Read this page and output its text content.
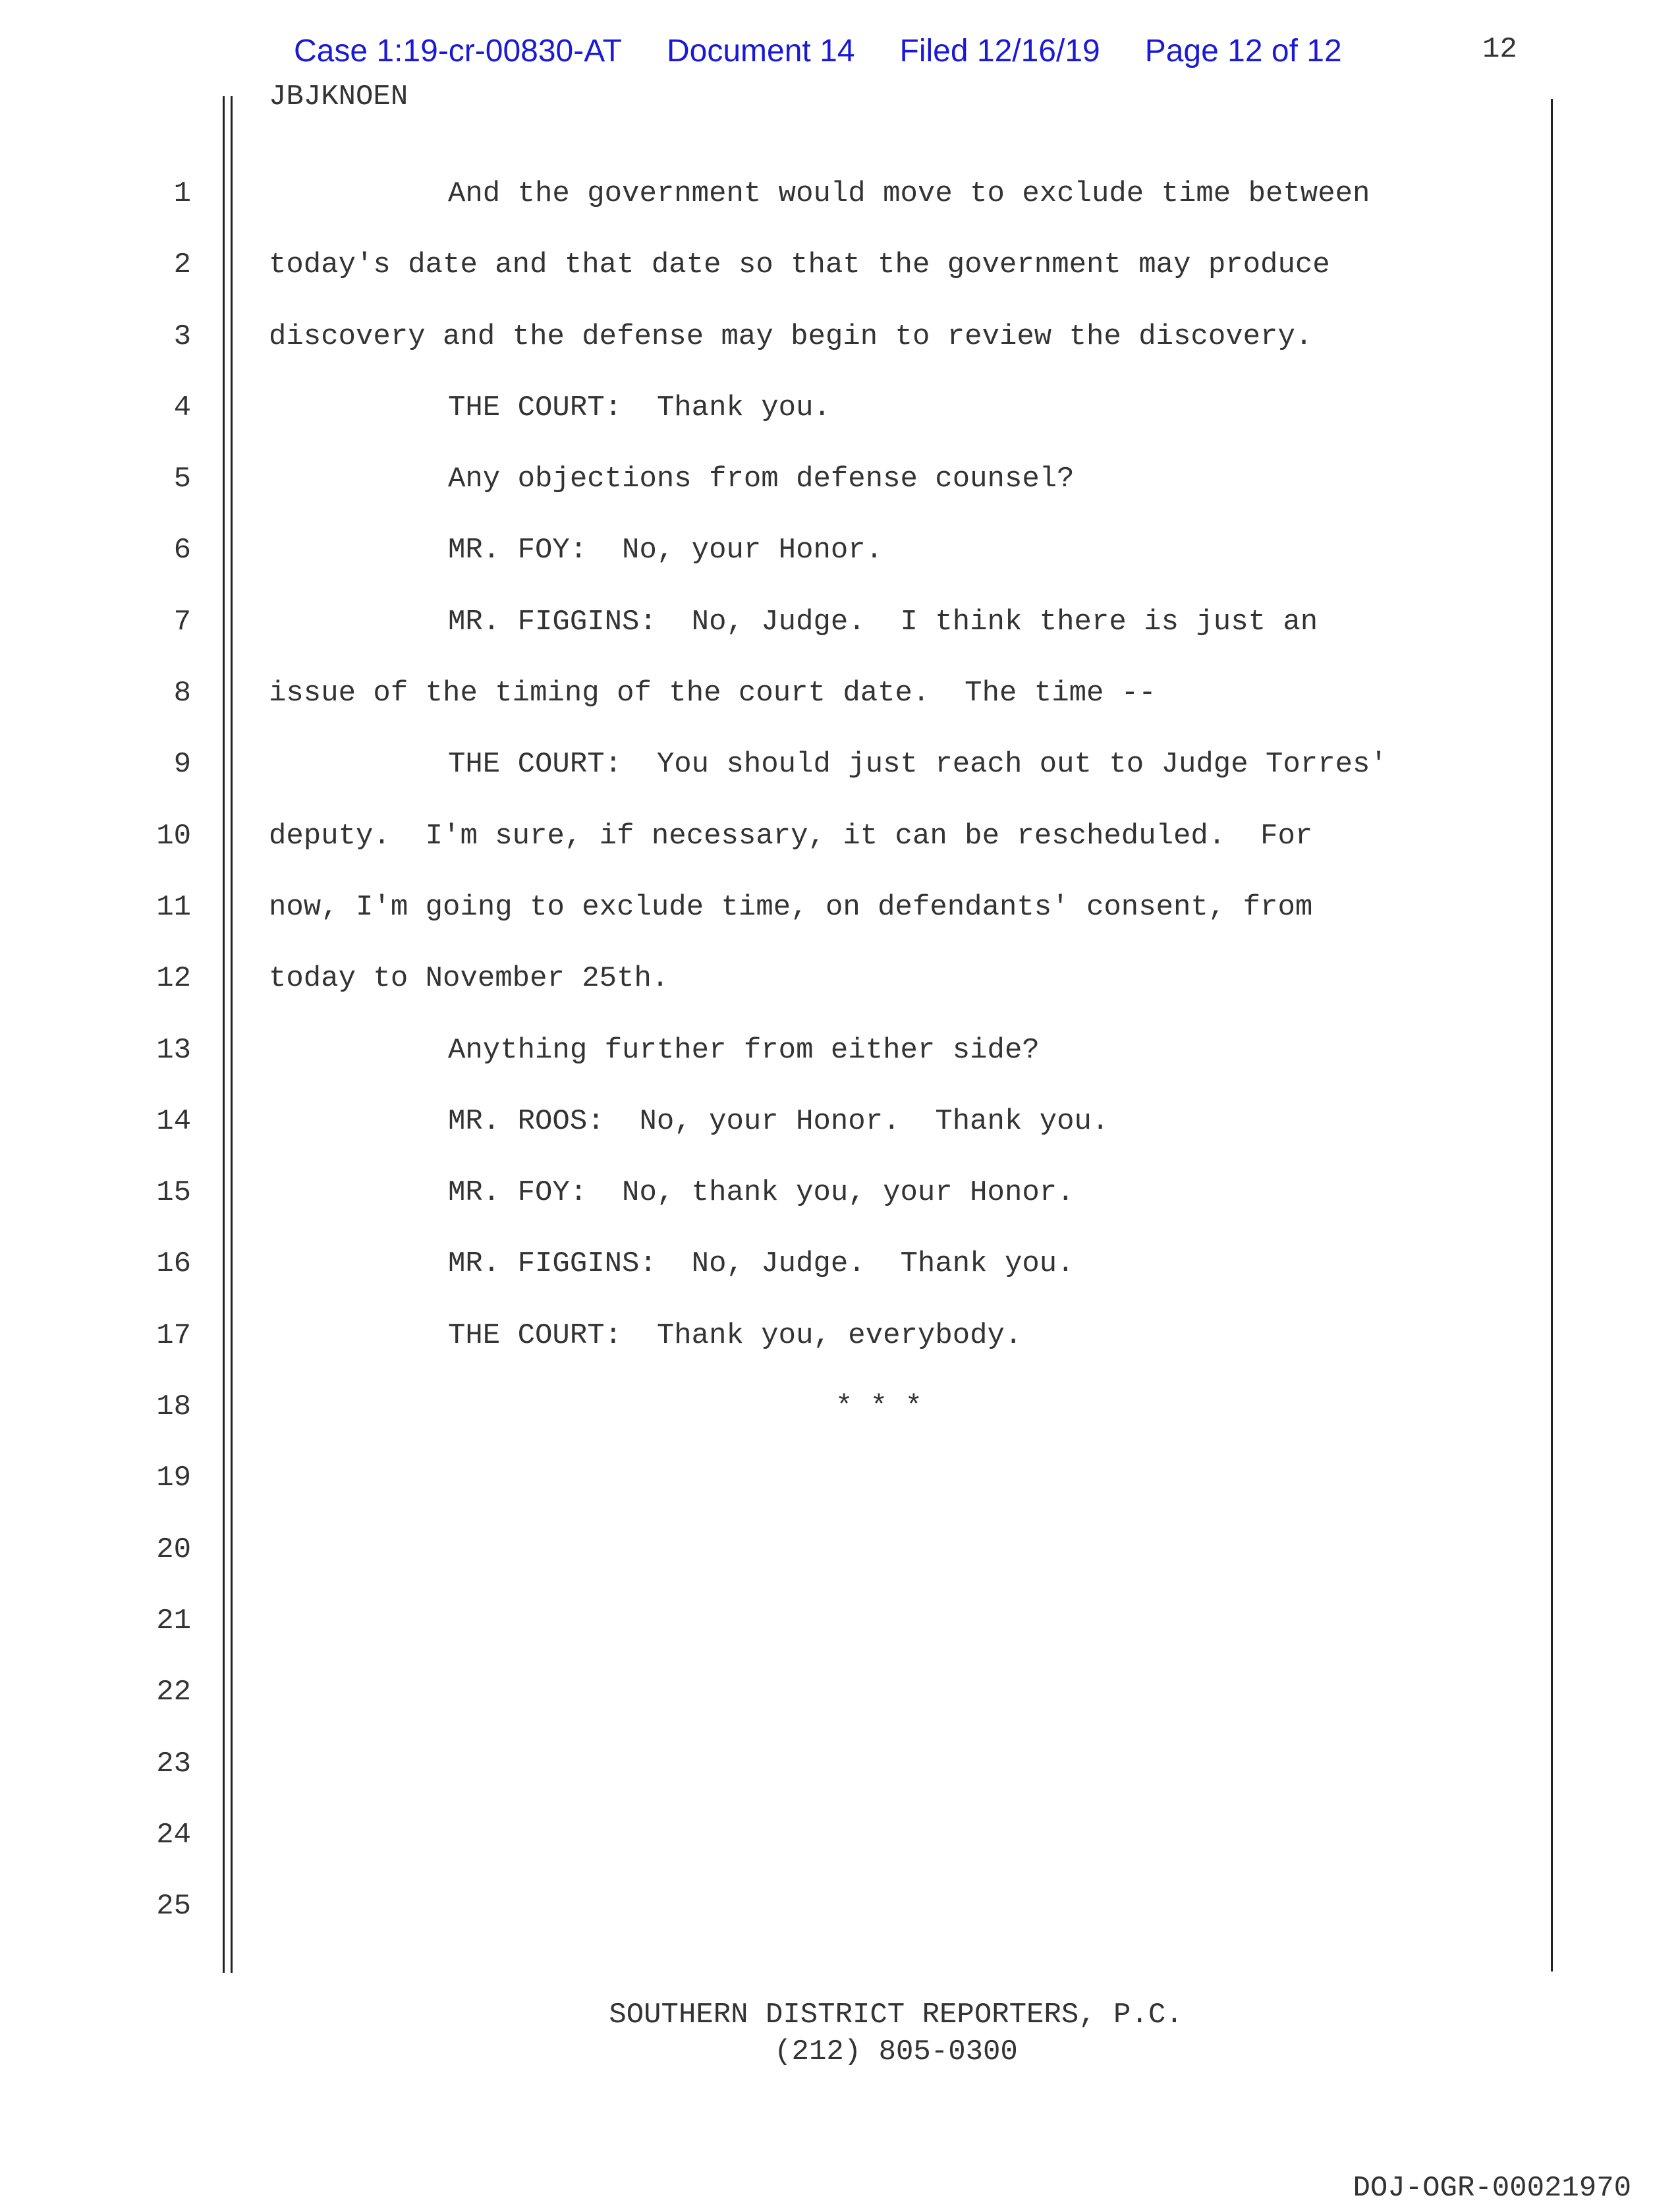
Case 1:19-cr-00830-AT Document 14 Filed 12/16/19 Page 12 of 12	12
JBJKNOEN
1
2
3
4
5
6
7
8
9
10
11
12
13
14
15
16
17
18
19
20
21
22
23
24
25
And the government would move to exclude time between
today's date and that date so that the government may produce
discovery and the defense may begin to review the discovery.
THE COURT:  Thank you.
Any objections from defense counsel?
MR. FOY:  No, your Honor.
MR. FIGGINS:  No, Judge.  I think there is just an
issue of the timing of the court date.  The time --
THE COURT:  You should just reach out to Judge Torres'
deputy.  I'm sure, if necessary, it can be rescheduled.  For
now, I'm going to exclude time, on defendants' consent, from
today to November 25th.
Anything further from either side?
MR. ROOS:  No, your Honor.  Thank you.
MR. FOY:  No, thank you, your Honor.
MR. FIGGINS:  No, Judge.  Thank you.
THE COURT:  Thank you, everybody.
* * *
SOUTHERN DISTRICT REPORTERS, P.C.
(212) 805-0300
DOJ-OGR-00021970
